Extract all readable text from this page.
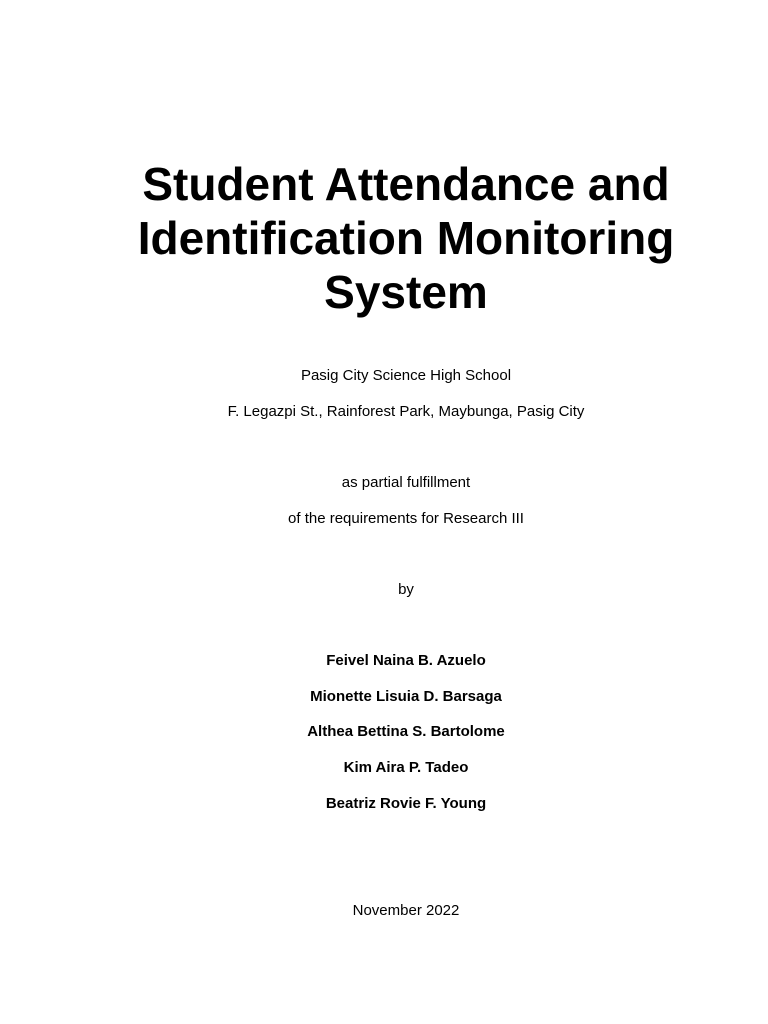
Student Attendance and
Identification Monitoring
System

Pasig City Science High School

F. Legazpi St., Rainforest Park, Maybunga, Pasig City

as partial fulfillment

of the requirements for Research III

by

Feivel Naina B. Azuelo

Mionette Lisuia D. Barsaga

Althea Bettina S. Bartolome

Kim Aira P. Tadeo

Beatriz Rovie F. Young

November 2022
